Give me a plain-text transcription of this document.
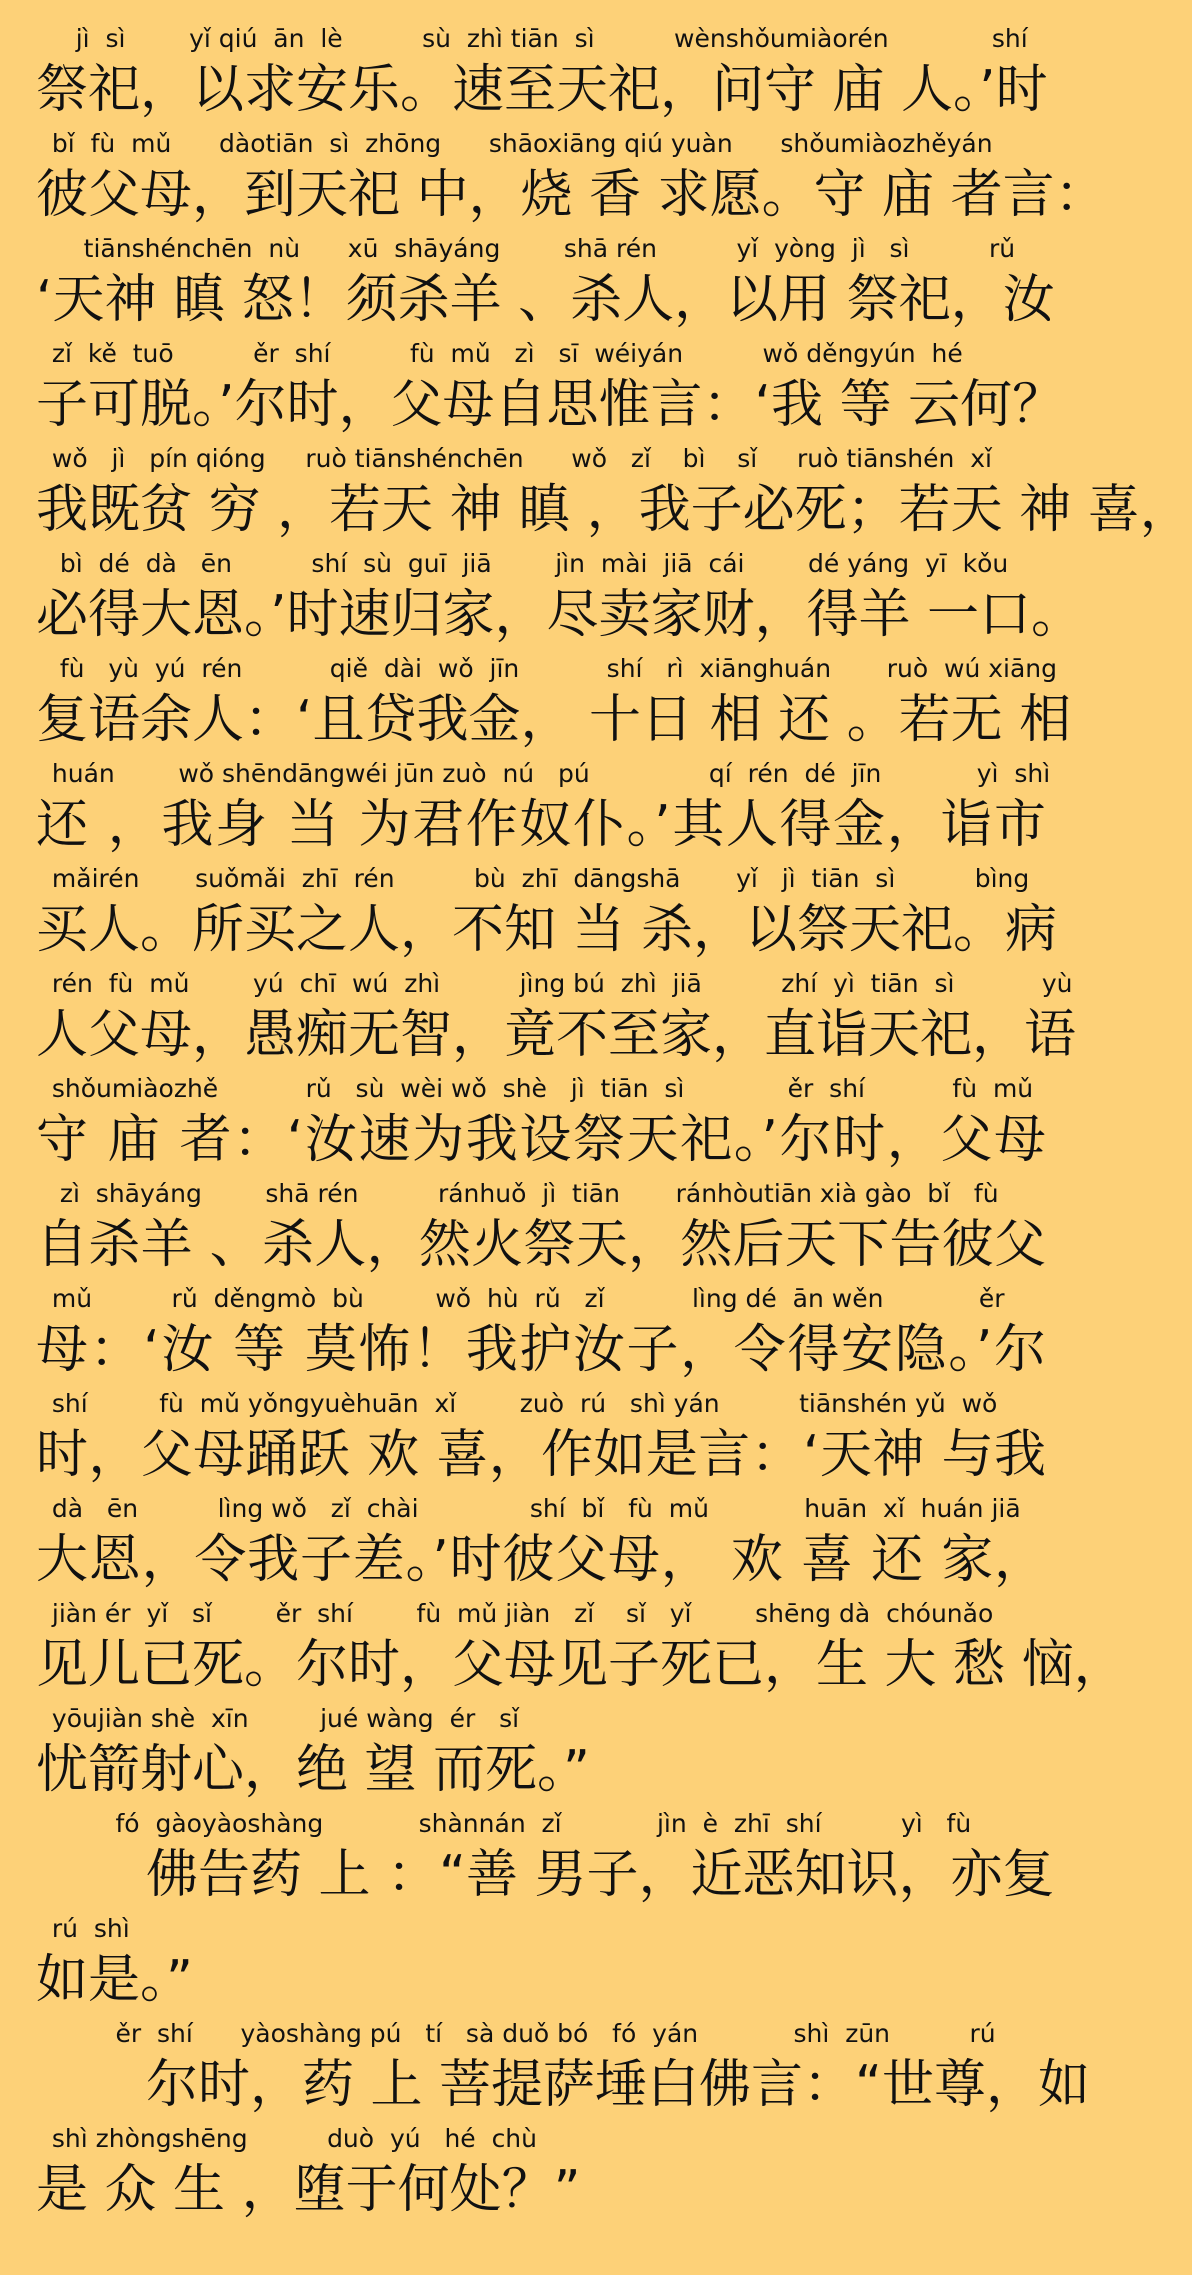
jì  sì        yǐ qiú  ān  lè          sù  zhì tiān  sì          wènshǒumiàorén             shí
祭祀，以求安乐。速至天祀，问守 庙 人。’时
bǐ  fù  mǔ      dàotiān  sì  zhōng      shāoxiāng qiú yuàn      shǒumiàozhěyán
彼父母，到天祀 中，烧 香 求愿。守 庙 者言：
tiānshénchēn  nù      xū  shāyáng        shā rén          yǐ  yòng  jì   sì          rǔ
‘天神 瞋 怒！须杀羊 、杀人，以用 祭祀，汝
zǐ  kě  tuō          ěr  shí          fù  mǔ   zì   sī  wéiyán          wǒ děngyún  hé
子可脱。’尔时，父母自思惟言：‘我 等 云何？
wǒ   jì   pín qióng     ruò tiānshénchēn      wǒ   zǐ    bì    sǐ     ruò tiānshén  xǐ
我既贫 穷 ，若天 神 瞋 ，我子必死；若天 神 喜，
bì  dé  dà   ēn          shí  sù  guī  jiā        jìn  mài  jiā  cái        dé yáng  yī  kǒu
必得大恩。’时速归家，尽卖家财，得羊 一口。
fù   yù  yú  rén           qiě  dài  wǒ  jīn           shí   rì  xiānghuán       ruò  wú xiāng
复语余人：‘且贷我金， 十日 相 还 。若无 相
huán        wǒ shēndāngwéi jūn zuò  nú   pú               qí  rén  dé  jīn            yì  shì
还 ，我身 当 为君作奴仆。’其人得金，诣市
mǎirén       suǒmǎi  zhī  rén          bù  zhī  dāngshā       yǐ   jì  tiān  sì          bìng
买人。所买之人，不知 当 杀，以祭天祀。病
rén  fù  mǔ        yú  chī  wú  zhì          jìng bú  zhì  jiā          zhí  yì  tiān  sì           yù
人父母，愚痴无智，竟不至家，直诣天祀，语
shǒumiàozhě           rǔ   sù  wèi wǒ  shè   jì  tiān  sì             ěr  shí           fù  mǔ
守 庙 者：‘汝速为我设祭天祀。’尔时，父母
zì  shāyáng        shā rén          ránhuǒ  jì  tiān       ránhòutiān xià gào  bǐ   fù
自杀羊 、杀人，然火祭天，然后天下告彼父
mǔ          rǔ  děngmò  bù         wǒ  hù  rǔ   zǐ           lìng dé  ān wěn            ěr
母：‘汝 等 莫怖！我护汝子，令得安隐。’尔
shí         fù  mǔ yǒngyuèhuān  xǐ        zuò  rú   shì yán          tiānshén yǔ  wǒ
时，父母踊跃 欢 喜，作如是言：‘天神 与我
dà   ēn          lìng wǒ   zǐ  chài              shí  bǐ   fù  mǔ            huān  xǐ  huán jiā
大恩，令我子差。’时彼父母， 欢 喜 还 家，
jiàn ér  yǐ   sǐ        ěr  shí        fù  mǔ jiàn   zǐ    sǐ   yǐ        shēng dà  chóunǎo
见儿已死。尔时，父母见子死已，生 大 愁 恼，
yōujiàn shè  xīn         jué wàng  ér   sǐ
忧箭射心，绝 望 而死。”
fó  gàoyàoshàng            shànnán  zǐ            jìn  è  zhī  shí          yì   fù
佛告药 上 ：“善 男子，近恶知识，亦复
rú  shì
如是。”
ěr  shí      yàoshàng pú   tí   sà duǒ bó   fó  yán            shì  zūn          rú
尔时，药 上 菩提萨埵白佛言：“世尊，如
shì zhòngshēng          duò  yú   hé  chù
是 众 生 ，堕于何处？”
